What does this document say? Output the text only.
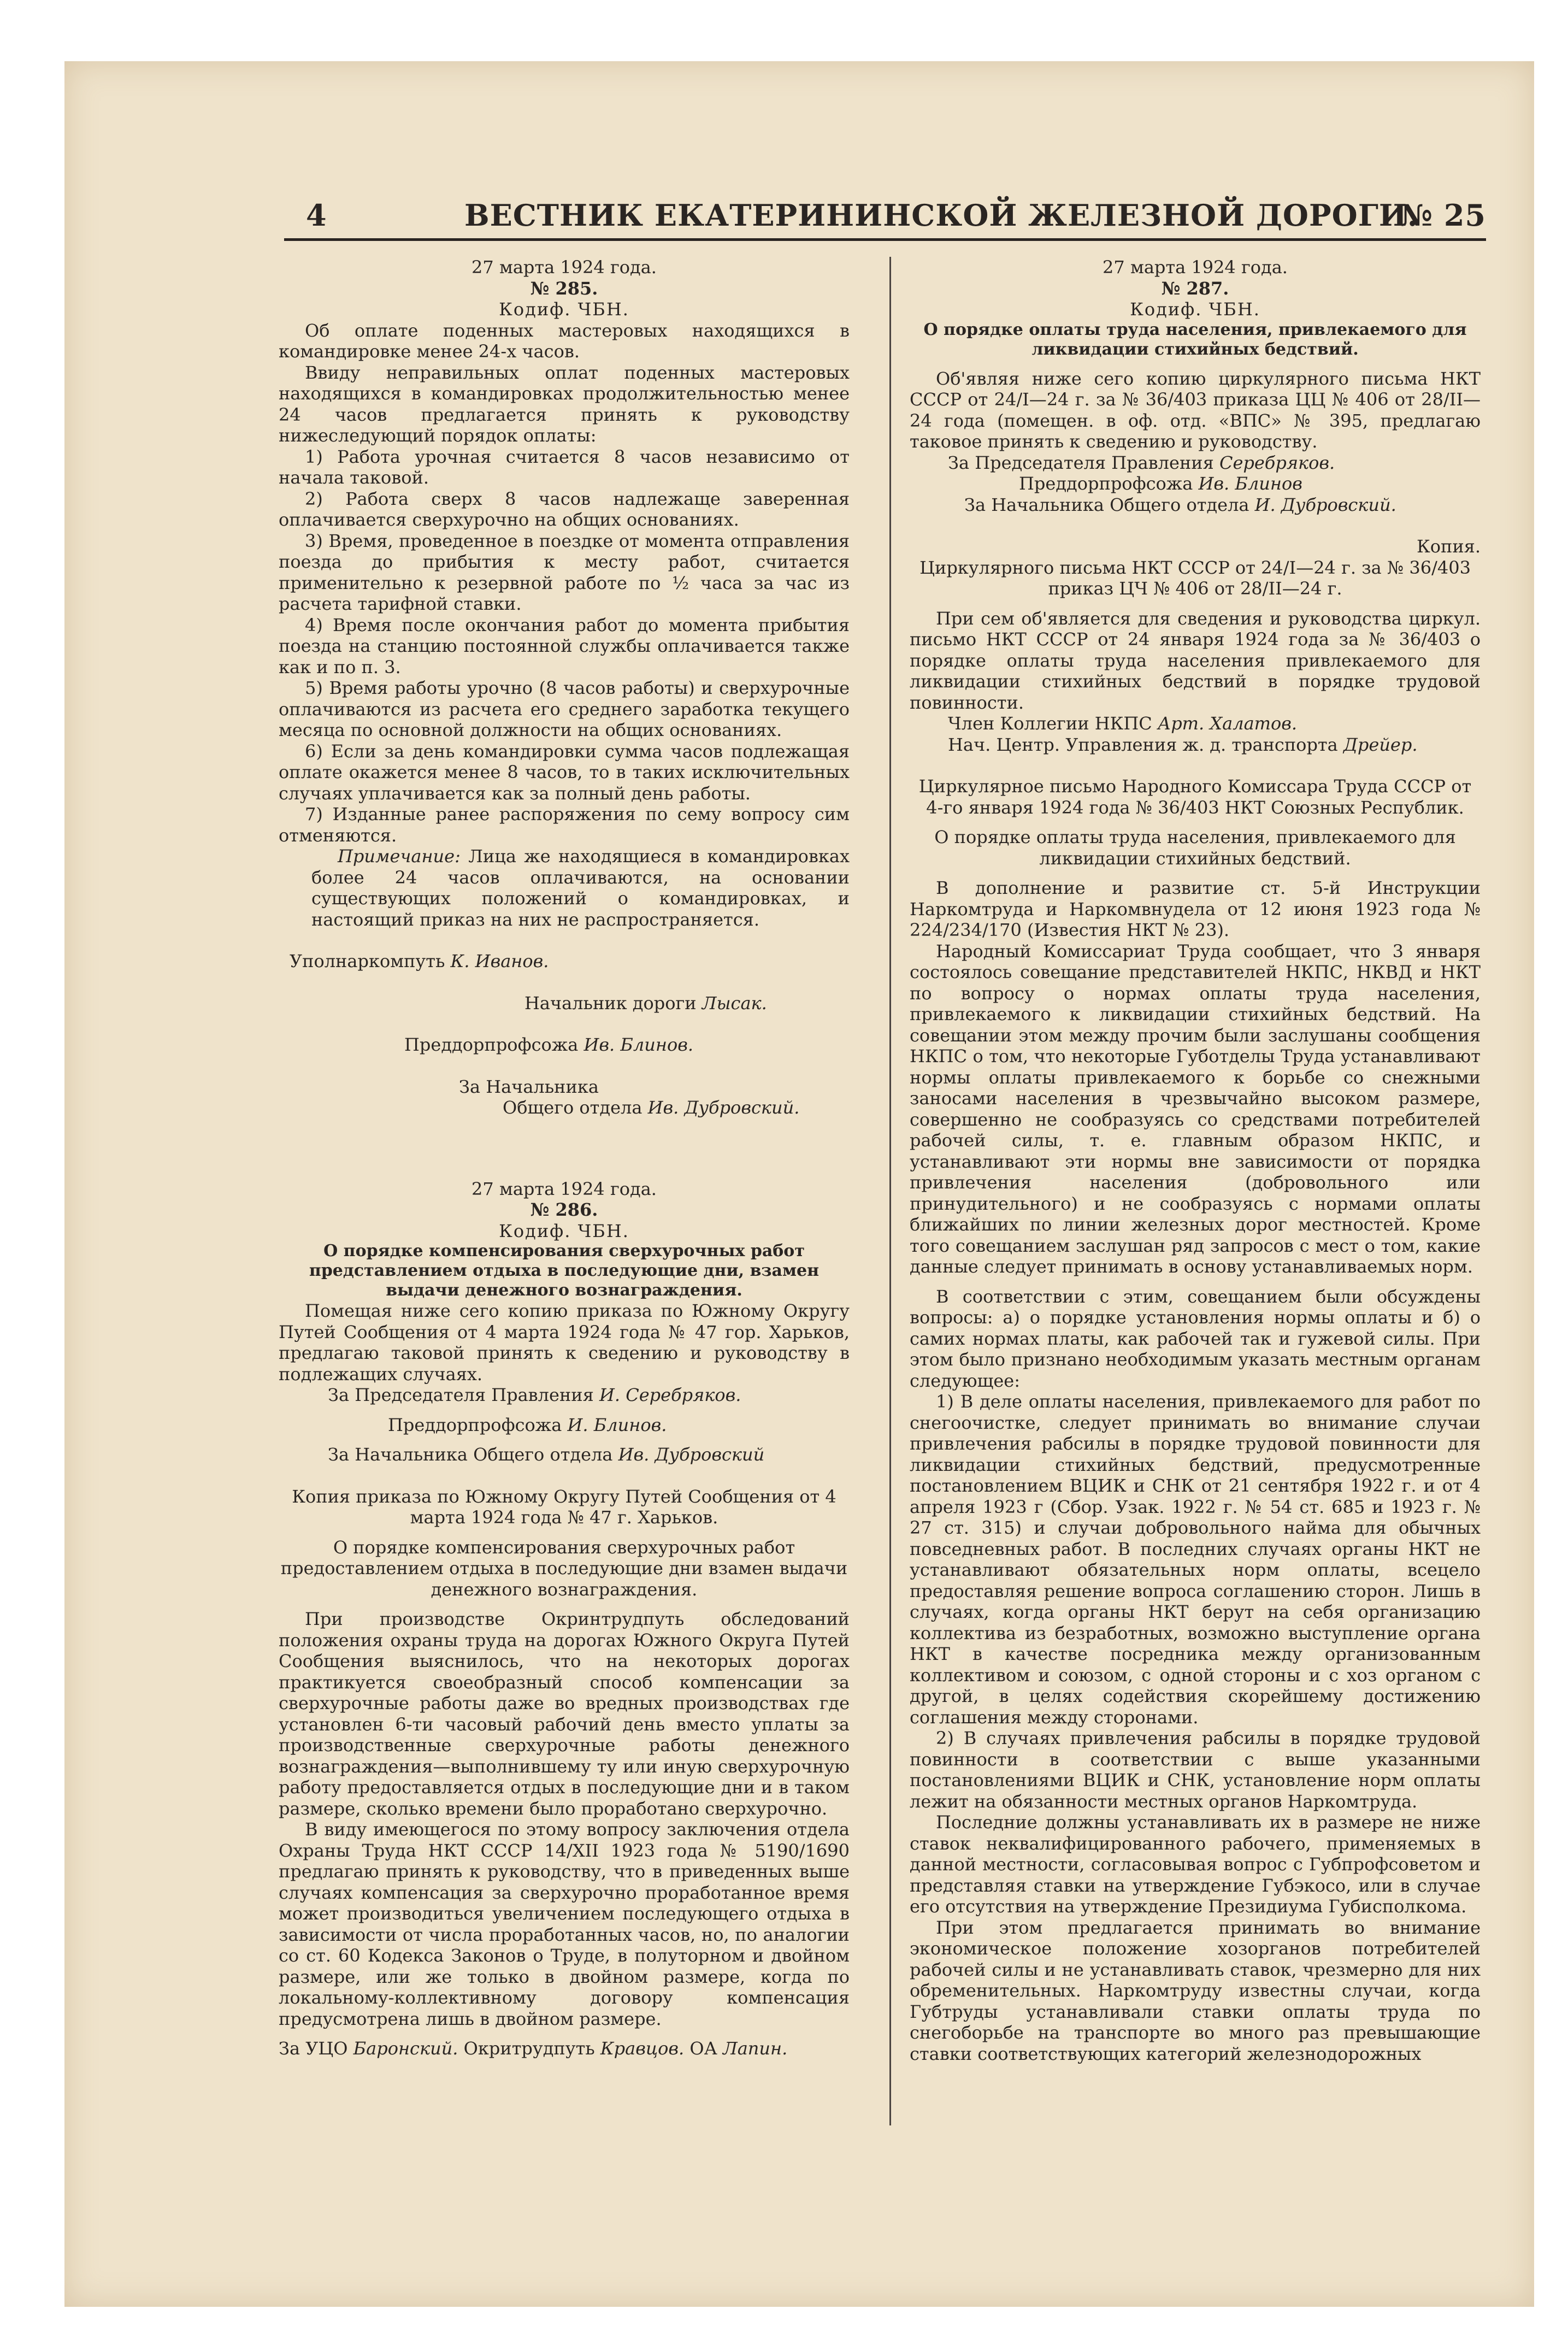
4	ВЕСТНИК ЕКАТЕРИНИНСКОЙ ЖЕЛЕЗНОЙ ДОРОГИ.
№ 25

27 марта 1924 года.

№ 285.

Кодиф. ЧБН.

Об оплате поденных мастеровых находящихся в командировке менее 24-х часов.

Ввиду неправильных оплат поденных мастеровых находящихся в командировках продолжительностью менее 24 часов предлагается принять к руководству нижеследующий порядок оплаты:

1) Работа урочная считается 8 часов независимо от начала таковой.

2) Работа сверх 8 часов надлежаще заверенная оплачивается сверхурочно на общих основаниях.

3) Время, проведенное в поездке от момента отправления поезда до прибытия к месту работ, считается применительно к резервной работе по ½ часа за час из расчета тарифной ставки.

4) Время после окончания работ до момента прибытия поезда на станцию постоянной службы оплачивается также как и по п. 3.

5) Время работы урочно (8 часов работы) и сверхурочные оплачиваются из расчета его среднего заработка текущего месяца по основной должности на общих основаниях.

6) Если за день командировки сумма часов подлежащая оплате окажется менее 8 часов, то в таких исключительных случаях уплачивается как за полный день работы.

7) Изданные ранее распоряжения по сему вопросу сим отменяются.

Примечание: Лица же находящиеся в командировках более 24 часов оплачиваются, на основании существующих положений о командировках, и настоящий приказ на них не распространяется.

Уполнаркомпуть К. Иванов.

Начальник дороги Лысак.

Преддорпрофсожа Ив. Блинов.

За Начальника

Общего отдела Ив. Дубровский.

27 марта 1924 года.

№ 286.

Кодиф. ЧБН.

О порядке компенсирования сверхурочных работ представлением отдыха в последующие дни, взамен выдачи денежного вознаграждения.

Помещая ниже сего копию приказа по Южному Округу Путей Сообщения от 4 марта 1924 года № 47 гор. Харьков, предлагаю таковой принять к сведению и руководству в подлежащих случаях.

За Председателя Правления И. Серебряков.

Преддорпрофсожа И. Блинов.

За Начальника Общего отдела Ив. Дубровский

Копия приказа по Южному Округу Путей Сообщения от 4 марта 1924 года № 47 г. Харьков.

О порядке компенсирования сверхурочных работ предоставлением отдыха в последующие дни взамен выдачи денежного вознаграждения.

При производстве Окринтрудпуть обследований положения охраны труда на дорогах Южного Округа Путей Сообщения выяснилось, что на некоторых дорогах практикуется своеобразный способ компенсации за сверхурочные работы даже во вредных производствах где установлен 6-ти часовый рабочий день вместо уплаты за производственные сверхурочные работы денежного вознаграждения—выполнившему ту или иную сверхурочную работу предоставляется отдых в последующие дни и в таком размере, сколько времени было проработано сверхурочно.

В виду имеющегося по этому вопросу заключения отдела Охраны Труда НКТ СССР 14/XII 1923 года № 5190/1690 предлагаю принять к руководству, что в приведенных выше случаях компенсация за сверхурочно проработанное время может производиться увеличением последующего отдыха в зависимости от числа проработанных часов, но, по аналогии со ст. 60 Кодекса Законов о Труде, в полуторном и двойном размере, или же только в двойном размере, когда по локальному-коллективному договору компенсация предусмотрена лишь в двойном размере.

За УЦО Баронский. Окритрудпуть Кравцов. ОА Лапин.

27 марта 1924 года.

№ 287.

Кодиф. ЧБН.

О порядке оплаты труда населения, привлекаемого для ликвидации стихийных бедствий.

Об'являя ниже сего копию циркулярного письма НКТ СССР от 24/I—24 г. за № 36/403 приказа ЦЦ № 406 от 28/II—24 года (помещен. в оф. отд. «ВПС» № 395, предлагаю таковое принять к сведению и руководству.

За Председателя Правления Серебряков.

Преддорпрофсожа Ив. Блинов

За Начальника Общего отдела И. Дубровский.

Копия.

Циркулярного письма НКТ СССР от 24/I—24 г. за № 36/403 приказ ЦЧ № 406 от 28/II—24 г.

При сем об'является для сведения и руководства циркул. письмо НКТ СССР от 24 января 1924 года за № 36/403 о порядке оплаты труда населения привлекаемого для ликвидации стихийных бедствий в порядке трудовой повинности.

Член Коллегии НКПС Арт. Халатов.

Нач. Центр. Управления ж. д. транспорта Дрейер.

Циркулярное письмо Народного Комиссара Труда СССР от 4-го января 1924 года № 36/403 НКТ Союзных Республик.

О порядке оплаты труда населения, привлекаемого для ликвидации стихийных бедствий.

В дополнение и развитие ст. 5-й Инструкции Наркомтруда и Наркомвнудела от 12 июня 1923 года № 224/234/170 (Известия НКТ № 23).

Народный Комиссариат Труда сообщает, что 3 января состоялось совещание представителей НКПС, НКВД и НКТ по вопросу о нормах оплаты труда населения, привлекаемого к ликвидации стихийных бедствий. На совещании этом между прочим были заслушаны сообщения НКПС о том, что некоторые Губотделы Труда устанавливают нормы оплаты привлекаемого к борьбе со снежными заносами населения в чрезвычайно высоком размере, совершенно не сообразуясь со средствами потребителей рабочей силы, т. е. главным образом НКПС, и устанавливают эти нормы вне зависимости от порядка привлечения населения (добровольного или принудительного) и не сообразуясь с нормами оплаты ближайших по линии железных дорог местностей. Кроме того совещанием заслушан ряд запросов с мест о том, какие данные следует принимать в основу устанавливаемых норм.

В соответствии с этим, совещанием были обсуждены вопросы: а) о порядке установления нормы оплаты и б) о самих нормах платы, как рабочей так и гужевой силы. При этом было признано необходимым указать местным органам следующее:

1) В деле оплаты населения, привлекаемого для работ по снегоочистке, следует принимать во внимание случаи привлечения рабсилы в порядке трудовой повинности для ликвидации стихийных бедствий, предусмотренные постановлением ВЦИК и СНК от 21 сентября 1922 г. и от 4 апреля 1923 г (Сбор. Узак. 1922 г. № 54 ст. 685 и 1923 г. № 27 ст. 315) и случаи добровольного найма для обычных повседневных работ. В последних случаях органы НКТ не устанавливают обязательных норм оплаты, всецело предоставляя решение вопроса соглашению сторон. Лишь в случаях, когда органы НКТ берут на себя организацию коллектива из безработных, возможно выступление органа НКТ в качестве посредника между организованным коллективом и союзом, с одной стороны и с хоз органом с другой, в целях содействия скорейшему достижению соглашения между сторонами.

2) В случаях привлечения рабсилы в порядке трудовой повинности в соответствии с выше указанными постановлениями ВЦИК и СНК, установление норм оплаты лежит на обязанности местных органов Наркомтруда.

Последние должны устанавливать их в размере не ниже ставок неквалифицированного рабочего, применяемых в данной местности, согласовывая вопрос с Губпрофсоветом и представляя ставки на утверждение Губэкосо, или в случае его отсутствия на утверждение Президиума Губисполкома.

При этом предлагается принимать во внимание экономическое положение хозорганов потребителей рабочей силы и не устанавливать ставок, чрезмерно для них обременительных. Наркомтруду известны случаи, когда Губтруды устанавливали ставки оплаты труда по снегоборьбе на транспорте во много раз превышающие ставки соответствующих категорий железнодорожных
